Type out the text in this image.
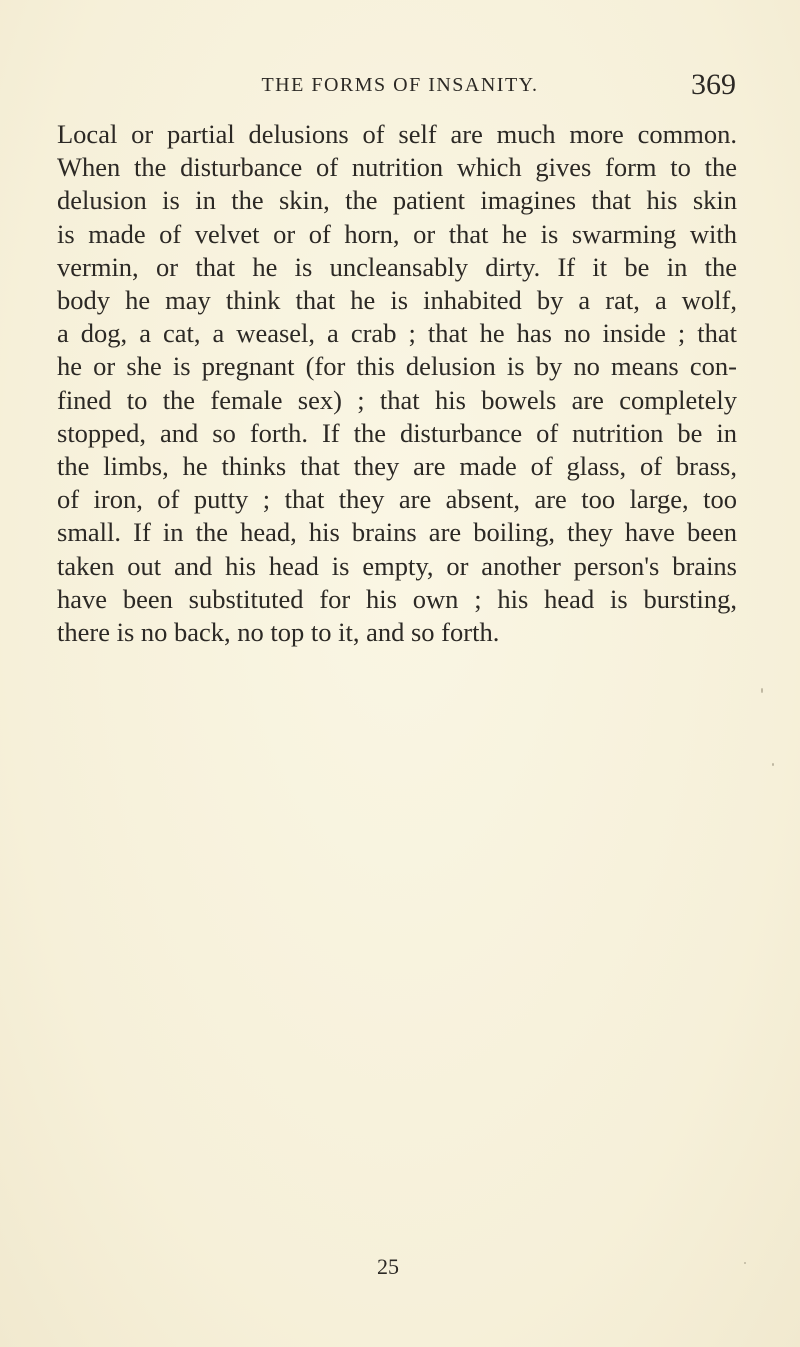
THE FORMS OF INSANITY.	369

Local or partial delusions of self are much more common.
When the disturbance of nutrition which gives form to the
delusion is in the skin, the patient imagines that his skin
is made of velvet or of horn, or that he is swarming with
vermin, or that he is uncleansably dirty. If it be in the
body he may think that he is inhabited by a rat, a wolf,
a dog, a cat, a weasel, a crab ; that he has no inside ; that
he or she is pregnant (for this delusion is by no means con-
fined to the female sex) ; that his bowels are completely
stopped, and so forth. If the disturbance of nutrition be in
the limbs, he thinks that they are made of glass, of brass,
of iron, of putty ; that they are absent, are too large, too
small. If in the head, his brains are boiling, they have been
taken out and his head is empty, or another person's brains
have been substituted for his own ; his head is bursting,
there is no back, no top to it, and so forth.

25
